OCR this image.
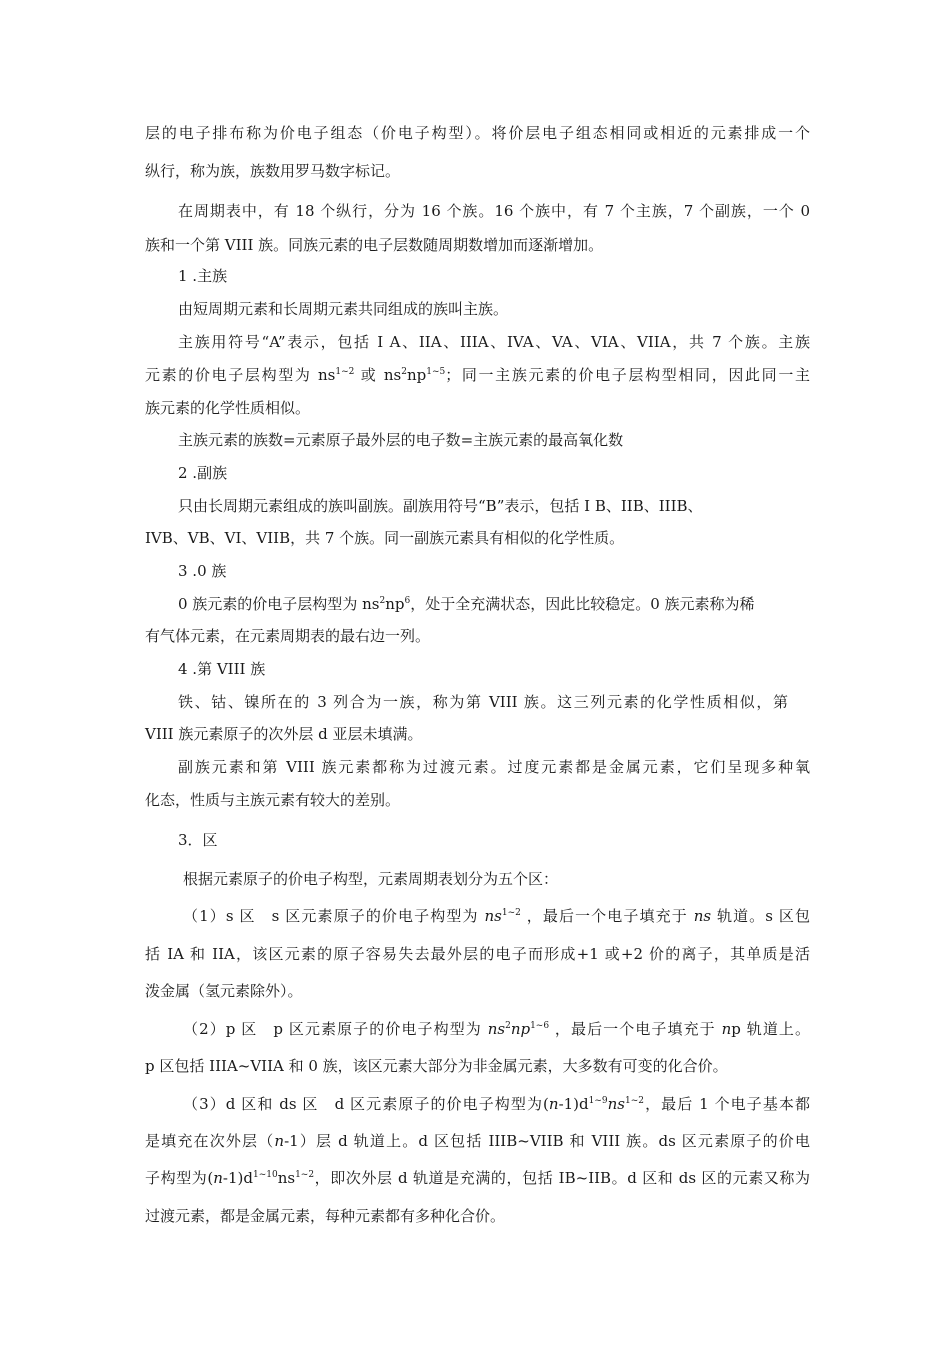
层的电子排布称为价电子组态（价电子构型）。将价层电子组态相同或相近的元素排成一个
纵行，称为族，族数用罗马数字标记。
在周期表中，有 18 个纵行，分为 16 个族。16 个族中，有 7 个主族，7 个副族，一个 0
族和一个第 VIII 族。同族元素的电子层数随周期数增加而逐渐增加。
1 .主族
由短周期元素和长周期元素共同组成的族叫主族。
主族用符号“A”表示，包括 I A、IIA、IIIA、IVA、VA、VIA、VIIA，共 7 个族。主族
元素的价电子层构型为 $ns^{1\sim 2}$ 或 $ns^2np^{1\sim 5}$；同一主族元素的价电子层构型相同，因此同一主
族元素的化学性质相似。
主族元素的族数=元素原子最外层的电子数=主族元素的最高氧化数
2 .副族
只由长周期元素组成的族叫副族。副族用符号“B”表示，包括 I B、IIB、IIIB、
IVB、VB、VI、VIIB，共 7 个族。同一副族元素具有相似的化学性质。
3 .0 族
0 族元素的价电子层构型为 $ns^2np^6$，处于全充满状态，因此比较稳定。0 族元素称为稀
有气体元素，在元素周期表的最右边一列。
4 .第 VIII 族
铁、钴、镍所在的 3 列合为一族，称为第 VIII 族。这三列元素的化学性质相似，第
VIII 族元素原子的次外层 d 亚层未填满。
副族元素和第 VIII 族元素都称为过渡元素。过度元素都是金属元素，它们呈现多种氧
化态，性质与主族元素有较大的差别。
3．区
根据元素原子的价电子构型，元素周期表划分为五个区：
（1）s 区　s 区元素原子的价电子构型为 $ns^{1\sim 2}$ ，最后一个电子填充于 ns 轨道。s 区包
括 IA 和 IIA，该区元素的原子容易失去最外层的电子而形成+1 或+2 价的离子，其单质是活
泼金属（氢元素除外）。
（2）p 区　p 区元素原子的价电子构型为 $ns^2np^{1\sim 6}$ ，最后一个电子填充于 np 轨道上。
p 区包括 IIIA~VIIA 和 0 族，该区元素大部分为非金属元素，大多数有可变的化合价。
（3）d 区和 ds 区　d 区元素原子的价电子构型为$(n-1)d^{1\sim 9}ns^{1\sim 2}$，最后 1 个电子基本都
是填充在次外层（n-1）层 d 轨道上。d 区包括 IIIB~VIIB 和 VIII 族。ds 区元素原子的价电
子构型为$(n-1)d^{1\sim 10}ns^{1\sim 2}$，即次外层 d 轨道是充满的，包括 IB~IIB。d 区和 ds 区的元素又称为
过渡元素，都是金属元素，每种元素都有多种化合价。
